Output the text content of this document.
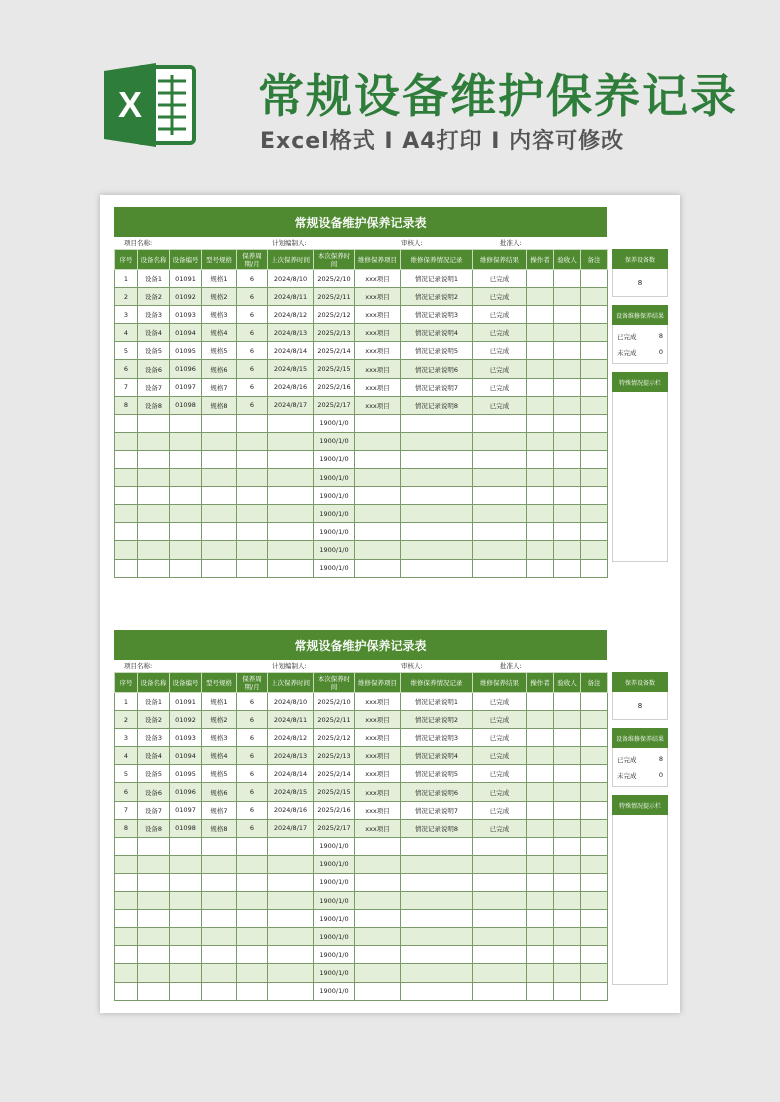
X	常规设备维护保养记录
Excel格式 I A4打印 I 内容可修改
常规设备维护保养记录表
项目名称:	计划编制人:	审核人:	批准人:
序号	设备名称	设备编号	型号规格	保养周期/月	上次保养时间	本次保养时间	维修保养项目	维修保养情况记录	维修保养结果	操作者	验收人	备注
1	设备1	01091	规格1	6	2024/8/10	2025/2/10	xxx项目	情况记录说明1	已完成			
2	设备2	01092	规格2	6	2024/8/11	2025/2/11	xxx项目	情况记录说明2	已完成			
3	设备3	01093	规格3	6	2024/8/12	2025/2/12	xxx项目	情况记录说明3	已完成			
4	设备4	01094	规格4	6	2024/8/13	2025/2/13	xxx项目	情况记录说明4	已完成			
5	设备5	01095	规格5	6	2024/8/14	2025/2/14	xxx项目	情况记录说明5	已完成			
6	设备6	01096	规格6	6	2024/8/15	2025/2/15	xxx项目	情况记录说明6	已完成			
7	设备7	01097	规格7	6	2024/8/16	2025/2/16	xxx项目	情况记录说明7	已完成			
8	设备8	01098	规格8	6	2024/8/17	2025/2/17	xxx项目	情况记录说明8	已完成			
						1900/1/0						
						1900/1/0						
						1900/1/0						
						1900/1/0						
						1900/1/0						
						1900/1/0						
						1900/1/0						
						1900/1/0						
						1900/1/0						
保养设备数
8
设备维修保养结果
已完成	8
未完成	0
特殊情况提示栏
常规设备维护保养记录表
项目名称:	计划编制人:	审核人:	批准人:
序号	设备名称	设备编号	型号规格	保养周期/月	上次保养时间	本次保养时间	维修保养项目	维修保养情况记录	维修保养结果	操作者	验收人	备注
1	设备1	01091	规格1	6	2024/8/10	2025/2/10	xxx项目	情况记录说明1	已完成			
2	设备2	01092	规格2	6	2024/8/11	2025/2/11	xxx项目	情况记录说明2	已完成			
3	设备3	01093	规格3	6	2024/8/12	2025/2/12	xxx项目	情况记录说明3	已完成			
4	设备4	01094	规格4	6	2024/8/13	2025/2/13	xxx项目	情况记录说明4	已完成			
5	设备5	01095	规格5	6	2024/8/14	2025/2/14	xxx项目	情况记录说明5	已完成			
6	设备6	01096	规格6	6	2024/8/15	2025/2/15	xxx项目	情况记录说明6	已完成			
7	设备7	01097	规格7	6	2024/8/16	2025/2/16	xxx项目	情况记录说明7	已完成			
8	设备8	01098	规格8	6	2024/8/17	2025/2/17	xxx项目	情况记录说明8	已完成			
						1900/1/0						
						1900/1/0						
						1900/1/0						
						1900/1/0						
						1900/1/0						
						1900/1/0						
						1900/1/0						
						1900/1/0						
						1900/1/0						
保养设备数
8
设备维修保养结果
已完成	8
未完成	0
特殊情况提示栏
